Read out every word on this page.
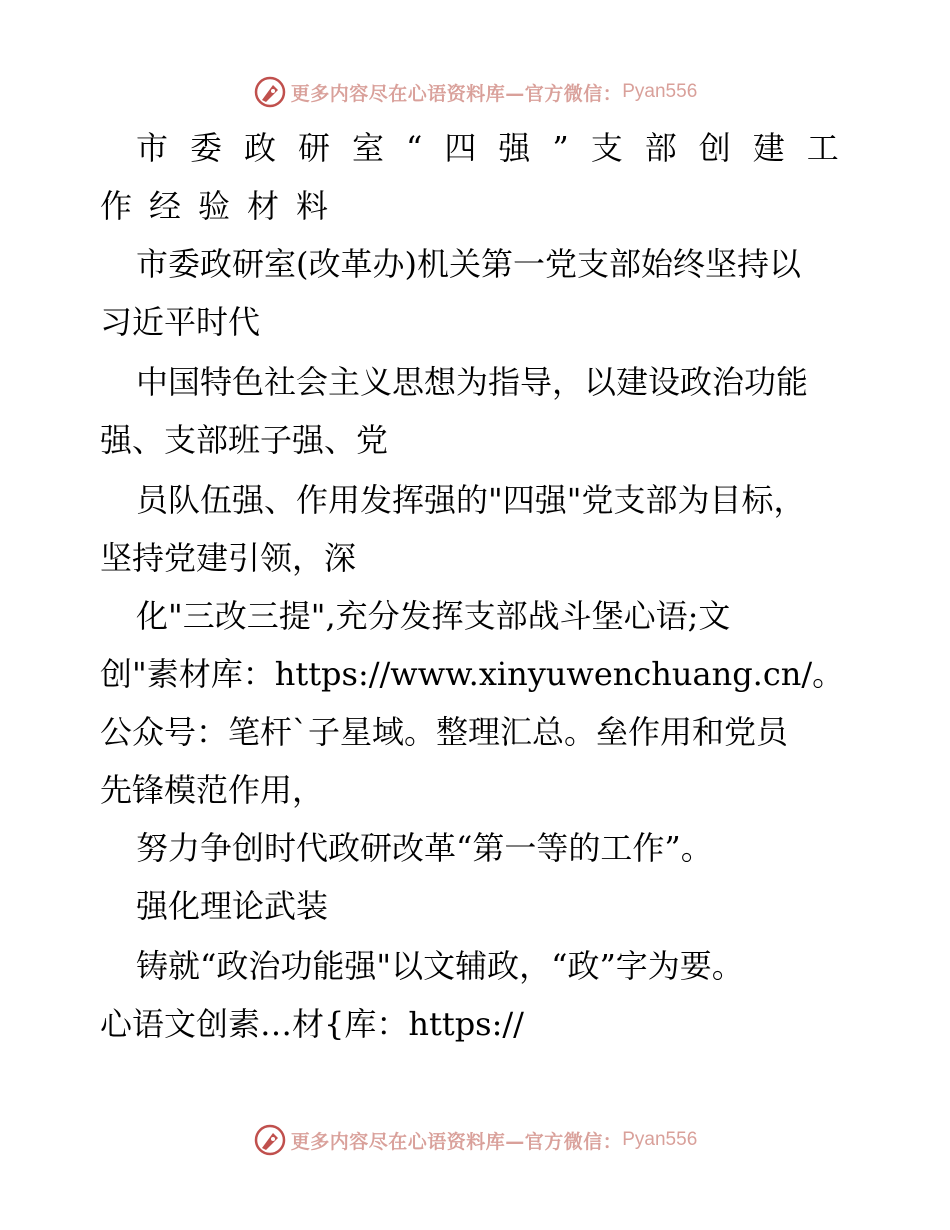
更多内容尽在心语资料库—官方微信： Pyan556
市委政研室“四强”支部创建工
作经验材料
市委政研室(改革办)机关第一党支部始终坚持以
习近平时代
中国特色社会主义思想为指导，以建设政治功能
强、支部班子强、党
员队伍强、作用发挥强的"四强"党支部为目标，
坚持党建引领，深
化"三改三提",充分发挥支部战斗堡心语;文
创"素材库：https://www.xinyuwenchuang.cn/。
公众号：笔杆`子星域。整理汇总。垒作用和党员
先锋模范作用，
努力争创时代政研改革“第一等的工作”。
强化理论武装
铸就“政治功能强"以文辅政，“政”字为要。
心语文创素…材{库：https://
更多内容尽在心语资料库—官方微信： Pyan556
